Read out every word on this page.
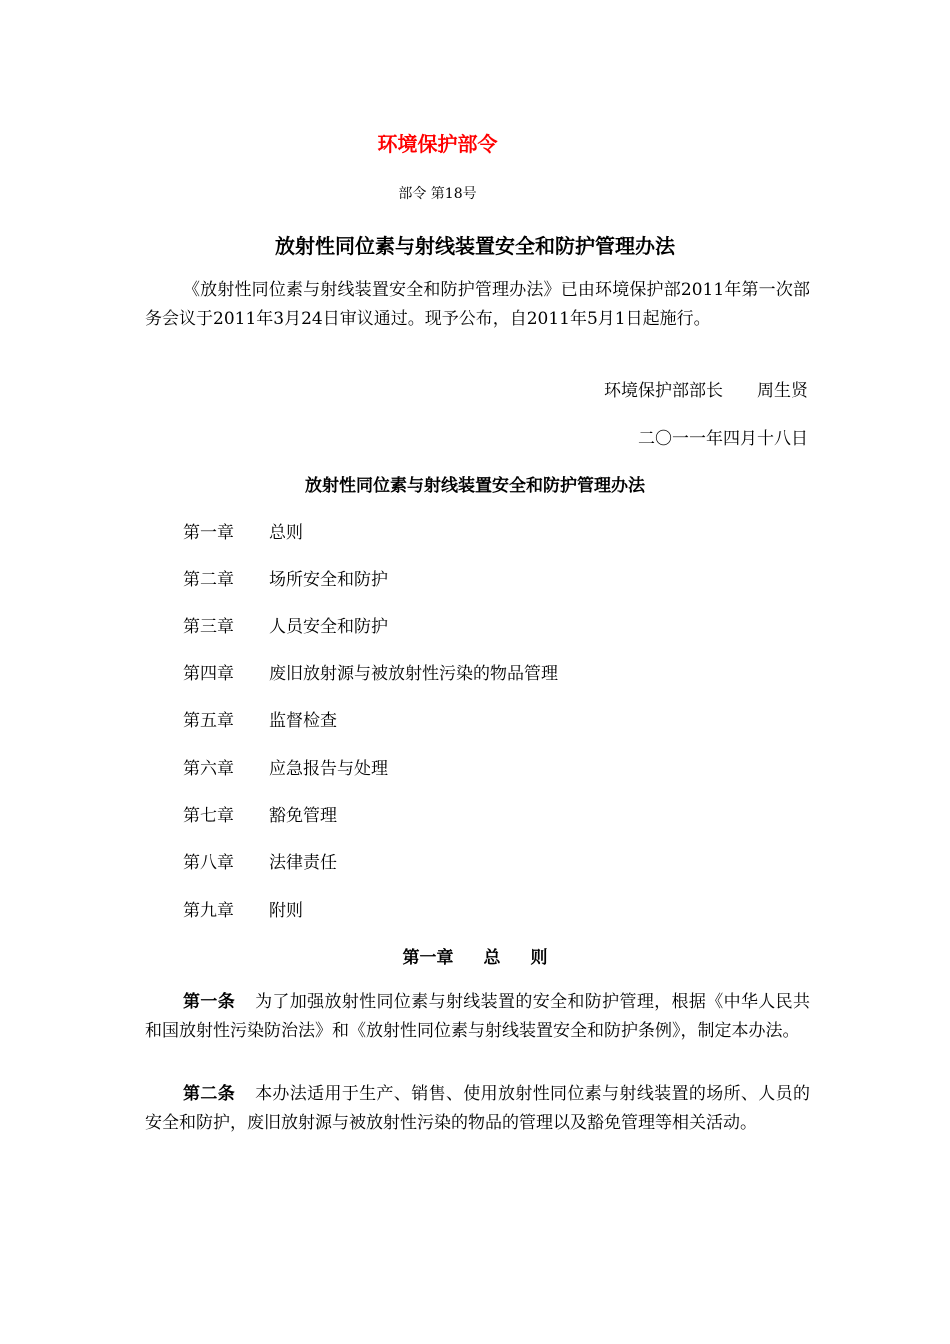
环境保护部令
部令 第18号
放射性同位素与射线装置安全和防护管理办法
《放射性同位素与射线装置安全和防护管理办法》已由环境保护部2011年第一次部务会议于2011年3月24日审议通过。现予公布，自2011年5月1日起施行。
环境保护部部长　　周生贤
二〇一一年四月十八日
放射性同位素与射线装置安全和防护管理办法
第一章 总则
第二章 场所安全和防护
第三章 人员安全和防护
第四章 废旧放射源与被放射性污染的物品管理
第五章 监督检查
第六章 应急报告与处理
第七章 豁免管理
第八章 法律责任
第九章 附则
第一章 总 则
第一条 为了加强放射性同位素与射线装置的安全和防护管理，根据《中华人民共和国放射性污染防治法》和《放射性同位素与射线装置安全和防护条例》，制定本办法。
第二条 本办法适用于生产、销售、使用放射性同位素与射线装置的场所、人员的安全和防护，废旧放射源与被放射性污染的物品的管理以及豁免管理等相关活动。
